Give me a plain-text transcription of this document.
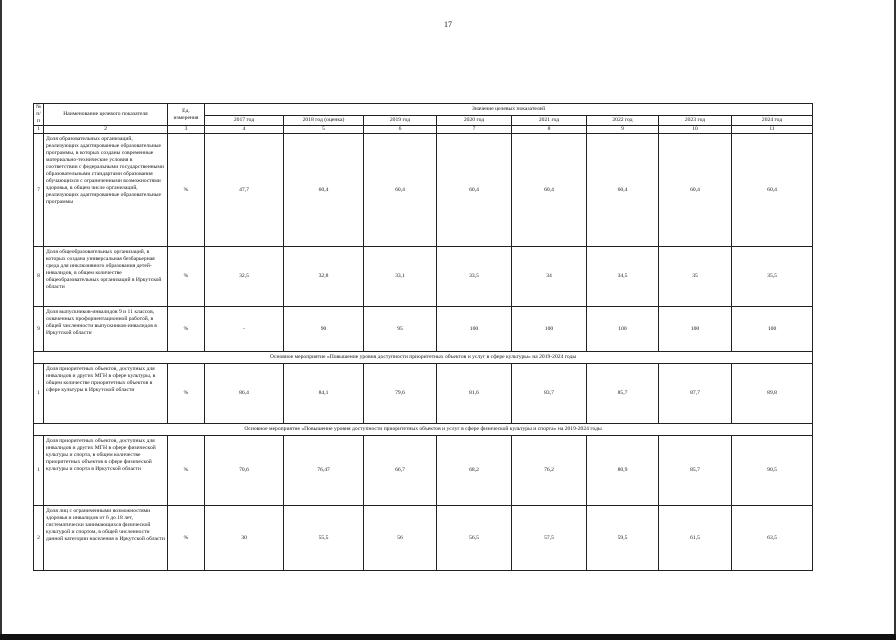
17
№ п/п	Наименование целевого показателя	Ед. измерения	Значение целевых показателей							
			2017 год	2018 год (оценка)	2019 год	2020 год	2021 год	2022 год	2023 год	2024 год
1	2	3	4	5	6	7	8	9	10	11
7	Доля образовательных организаций, реализующих адаптированные образовательные программы, в которых созданы современные материально-технические условия в соответствии с федеральными государственными образовательными стандартами образования обучающихся с ограниченными возможностями здоровья, в общем числе организаций, реализующих адаптированные образовательные программы	%	47,7	60,4	60,4	60,4	60,4	60,4	60,4	60,4
8	Доля общеобразовательных организаций, в которых создана универсальная безбарьерная среда для инклюзивного образования детей-инвалидов, в общем количестве общеобразовательных организаций в Иркутской области	%	32,5	32,8	33,1	33,5	34	34,5	35	35,5
9	Доля выпускников-инвалидов 9 и 11 классов, охваченных профориентационной работой, в общей численности выпускников-инвалидов в Иркутской области	%	-	90	95	100	100	100	100	100
Основное мероприятие «Повышение уровня доступности приоритетных объектов и услуг в сфере культуры» на 2019-2024 годы										
1	Доля приоритетных объектов, доступных для инвалидов и других МГН в сфере культуры, в общем количестве приоритетных объектов в сфере культуры в Иркутской области	%	86,4	84,1	79,6	81,6	83,7	85,7	87,7	89,8
Основное мероприятие «Повышение уровня доступности приоритетных объектов и услуг в сфере физической культуры и спорта» на 2019-2024 годы										
1	Доля приоритетных объектов, доступных для инвалидов и других МГН в сфере физической культуры и спорта, в общем количестве приоритетных объектов в сфере физической культуры и спорта в Иркутской области	%	70,6	76,47	66,7	68,2	76,2	80,9	85,7	90,5
2	Доля лиц с ограниченными возможностями здоровья и инвалидов от 6 до 18 лет, систематически занимающихся физической культурой и спортом, в общей численности данной категории населения в Иркутской области	%	30	55,5	56	56,5	57,5	59,5	61,5	63,5
